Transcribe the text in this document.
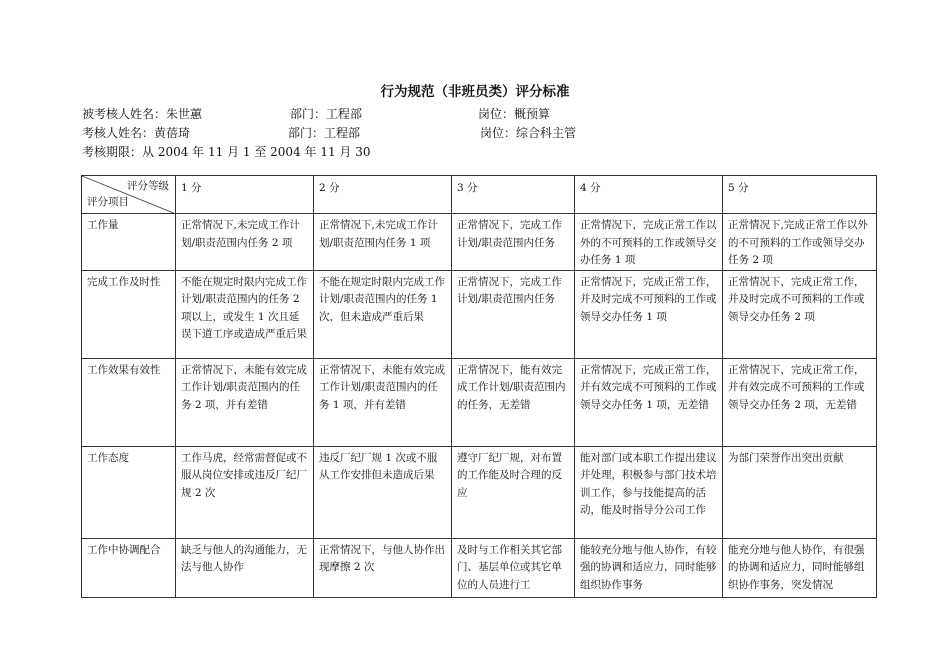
行为规范（非班员类）评分标准
被考核人姓名：朱世蕙	部门：工程部	岗位：概预算
考核人姓名：黄蓓琦	部门：工程部	岗位：综合科主管
考核期限：从 2004 年 11 月 1 至 2004 年 11 月 30
评分等级
评分项目	1 分	2 分	3 分	4 分	5 分
工作量	正常情况下,未完成工作计划/职责范围内任务 2 项	正常情况下,未完成工作计划/职责范围内任务 1 项	正常情况下，完成工作计划/职责范围内任务	正常情况下，完成正常工作以外的不可预料的工作或领导交办任务 1 项	正常情况下,完成正常工作以外的不可预料的工作或领导交办任务 2 项
完成工作及时性	不能在规定时限内完成工作计划/职责范围内的任务 2 项以上，或发生 1 次且延误下道工序或造成严重后果	不能在规定时限内完成工作计划/职责范围内的任务 1 次，但未造成严重后果	正常情况下，完成工作计划/职责范围内任务	正常情况下，完成正常工作，并及时完成不可预料的工作或领导交办任务 1 项	正常情况下，完成正常工作，并及时完成不可预料的工作或领导交办任务 2 项
工作效果有效性	正常情况下，未能有效完成工作计划/职责范围内的任务 2 项，并有差错	正常情况下，未能有效完成工作计划/职责范围内的任务 1 项，并有差错	正常情况下，能有效完成工作计划/职责范围内的任务，无差错	正常情况下，完成正常工作，并有效完成不可预料的工作或领导交办任务 1 项，无差错	正常情况下，完成正常工作，并有效完成不可预料的工作或领导交办任务 2 项，无差错
工作态度	工作马虎，经常需督促或不服从岗位安排或违反厂纪厂规 2 次	违反厂纪厂规 1 次或不服从工作安排但未造成后果	遵守厂纪厂规，对布置的工作能及时合理的反应	能对部门或本职工作提出建议并处理，积极参与部门技术培训工作，参与技能提高的活动，能及时指导分公司工作	为部门荣誉作出突出贡献
工作中协调配合	缺乏与他人的沟通能力，无法与他人协作	正常情况下，与他人协作出现摩擦 2 次	及时与工作相关其它部门、基层单位或其它单位的人员进行工	能较充分地与他人协作，有较强的协调和适应力，同时能够组织协作事务	能充分地与他人协作，有很强的协调和适应力，同时能够组织协作事务，突发情况
